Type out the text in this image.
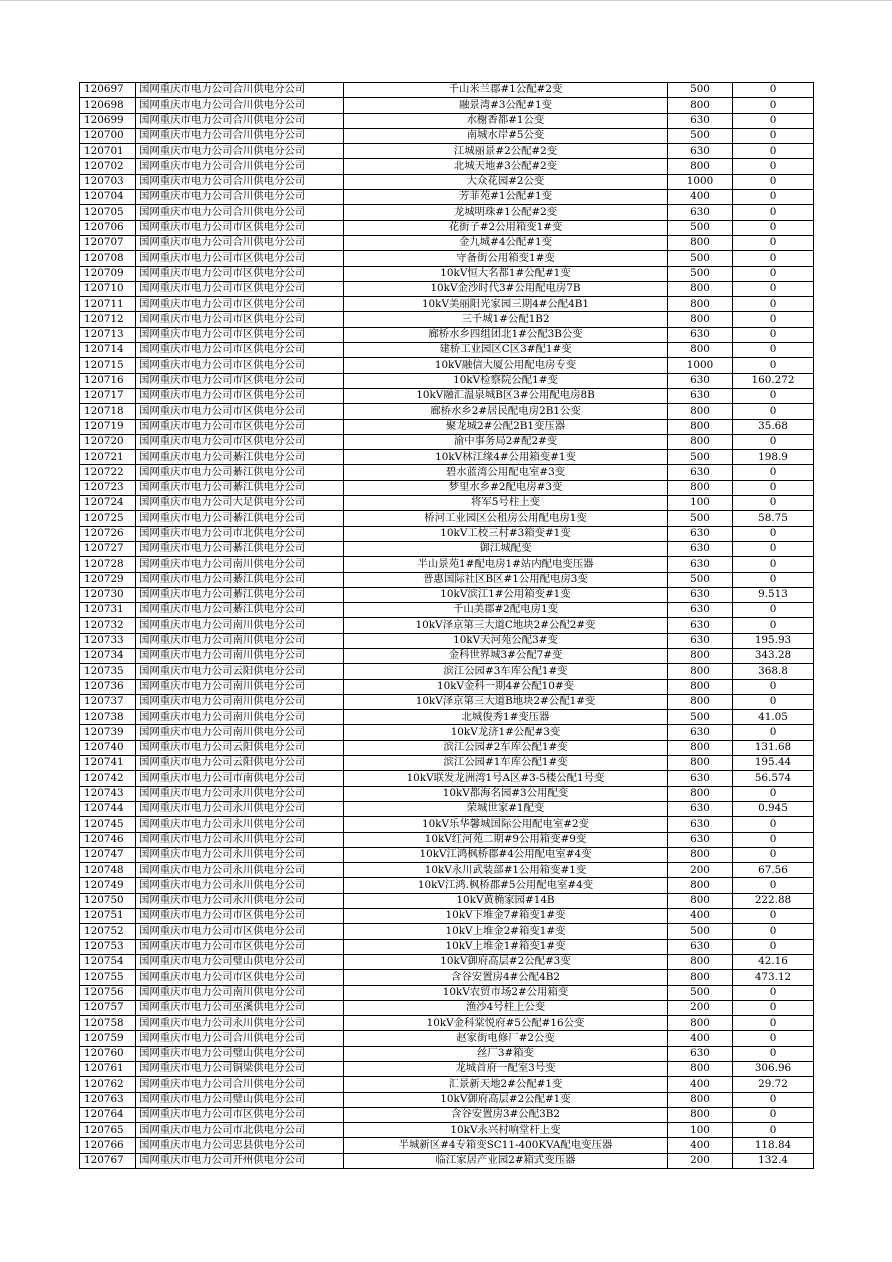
120697	国网重庆市电力公司合川供电分公司	千山米兰郡#1公配#2变	500	0
120698	国网重庆市电力公司合川供电分公司	融景湾#3公配#1变	800	0
120699	国网重庆市电力公司合川供电分公司	水榭香都#1公变	630	0
120700	国网重庆市电力公司合川供电分公司	南城水岸#5公变	500	0
120701	国网重庆市电力公司合川供电分公司	江城丽景#2公配#2变	630	0
120702	国网重庆市电力公司合川供电分公司	北城天地#3公配#2变	800	0
120703	国网重庆市电力公司合川供电分公司	大众花园#2公变	1000	0
120704	国网重庆市电力公司合川供电分公司	芳菲苑#1公配#1变	400	0
120705	国网重庆市电力公司合川供电分公司	龙城明珠#1公配#2变	630	0
120706	国网重庆市电力公司市区供电分公司	花街子#2公用箱变1#变	500	0
120707	国网重庆市电力公司合川供电分公司	金九城#4公配#1变	800	0
120708	国网重庆市电力公司市区供电分公司	守备街公用箱变1#变	500	0
120709	国网重庆市电力公司市区供电分公司	10kV恒大名都1#公配#1变	500	0
120710	国网重庆市电力公司市区供电分公司	10kV金沙时代3#公用配电房7B	800	0
120711	国网重庆市电力公司市区供电分公司	10kV美丽阳光家园三期4#公配4B1	800	0
120712	国网重庆市电力公司市区供电分公司	三千城1#公配1B2	800	0
120713	国网重庆市电力公司市区供电分公司	廊桥水乡四组团北1#公配3B公变	630	0
120714	国网重庆市电力公司市区供电分公司	建桥工业园区C区3#配1#变	800	0
120715	国网重庆市电力公司市区供电分公司	10kV融信大厦公用配电房专变	1000	0
120716	国网重庆市电力公司市区供电分公司	10kV检察院公配1#变	630	160.272
120717	国网重庆市电力公司市区供电分公司	10kV融汇温泉城B区3#公用配电房8B	630	0
120718	国网重庆市电力公司市区供电分公司	廊桥水乡2#居民配电房2B1公变	800	0
120719	国网重庆市电力公司市区供电分公司	聚龙城2#公配2B1变压器	800	35.68
120720	国网重庆市电力公司市区供电分公司	渝中事务局2#配2#变	800	0
120721	国网重庆市电力公司綦江供电分公司	10kV林江缘4#公用箱变#1变	500	198.9
120722	国网重庆市电力公司綦江供电分公司	碧水蓝湾公用配电室#3变	630	0
120723	国网重庆市电力公司綦江供电分公司	梦里水乡#2配电房#3变	800	0
120724	国网重庆市电力公司大足供电分公司	将军5号柱上变	100	0
120725	国网重庆市电力公司綦江供电分公司	桥河工业园区公租房公用配电房1变	500	58.75
120726	国网重庆市电力公司市北供电分公司	10kV工校三村#3箱变#1变	630	0
120727	国网重庆市电力公司綦江供电分公司	御江城配变	630	0
120728	国网重庆市电力公司南川供电分公司	半山景苑1#配电房1#站内配电变压器	630	0
120729	国网重庆市电力公司綦江供电分公司	普惠国际社区B区#1公用配电房3变	500	0
120730	国网重庆市电力公司綦江供电分公司	10kV滨江1#公用箱变#1变	630	9.513
120731	国网重庆市电力公司綦江供电分公司	千山美郡#2配电房1变	630	0
120732	国网重庆市电力公司南川供电分公司	10kV泽京第三大道C地块2#公配2#变	630	0
120733	国网重庆市电力公司南川供电分公司	10kV天河苑公配3#变	630	195.93
120734	国网重庆市电力公司南川供电分公司	金科世界城3#公配7#变	800	343.28
120735	国网重庆市电力公司云阳供电分公司	滨江公园#3车库公配1#变	800	368.8
120736	国网重庆市电力公司南川供电分公司	10kV金科一期4#公配10#变	800	0
120737	国网重庆市电力公司南川供电分公司	10kV泽京第三大道B地块2#公配1#变	800	0
120738	国网重庆市电力公司南川供电分公司	北城俊秀1#变压器	500	41.05
120739	国网重庆市电力公司南川供电分公司	10kV龙济1#公配#3变	630	0
120740	国网重庆市电力公司云阳供电分公司	滨江公园#2车库公配1#变	800	131.68
120741	国网重庆市电力公司云阳供电分公司	滨江公园#1车库公配1#变	800	195.44
120742	国网重庆市电力公司市南供电分公司	10kV联发龙洲湾1号A区#3-5楼公配1号变	630	56.574
120743	国网重庆市电力公司永川供电分公司	10kV都海名园#3公用配变	800	0
120744	国网重庆市电力公司永川供电分公司	荣城世家#1配变	630	0.945
120745	国网重庆市电力公司永川供电分公司	10kV乐华馨城国际公用配电室#2变	630	0
120746	国网重庆市电力公司永川供电分公司	10kV红河苑二期#9公用箱变#9变	630	0
120747	国网重庆市电力公司永川供电分公司	10kV江鸿枫桥郡#4公用配电室#4变	800	0
120748	国网重庆市电力公司永川供电分公司	10kV永川武装部#1公用箱变#1变	200	67.56
120749	国网重庆市电力公司永川供电分公司	10kV江鸿.枫桥郡#5公用配电室#4变	800	0
120750	国网重庆市电力公司永川供电分公司	10kV黄桷家园#14B	800	222.88
120751	国网重庆市电力公司市区供电分公司	10kV下堆金7#箱变1#变	400	0
120752	国网重庆市电力公司市区供电分公司	10kV上堆金2#箱变1#变	500	0
120753	国网重庆市电力公司市区供电分公司	10kV上堆金1#箱变1#变	630	0
120754	国网重庆市电力公司璧山供电分公司	10kV御府高层#2公配#3变	800	42.16
120755	国网重庆市电力公司市区供电分公司	含谷安置房4#公配4B2	800	473.12
120756	国网重庆市电力公司南川供电分公司	10kV农贸市场2#公用箱变	500	0
120757	国网重庆市电力公司巫溪供电分公司	渔沙4号柱上公变	200	0
120758	国网重庆市电力公司永川供电分公司	10kV金科棠悦府#5公配#16公变	800	0
120759	国网重庆市电力公司合川供电分公司	赵家街电修厂#2公变	400	0
120760	国网重庆市电力公司璧山供电分公司	丝厂3#箱变	630	0
120761	国网重庆市电力公司铜梁供电分公司	龙城首府一配室3号变	800	306.96
120762	国网重庆市电力公司合川供电分公司	汇景新天地2#公配#1变	400	29.72
120763	国网重庆市电力公司璧山供电分公司	10kV御府高层#2公配#1变	800	0
120764	国网重庆市电力公司市区供电分公司	含谷安置房3#公配3B2	800	0
120765	国网重庆市电力公司市北供电分公司	10kV永兴村响堂杆上变	100	0
120766	国网重庆市电力公司忠县供电分公司	半城新区#4专箱变SC11-400KVA配电变压器	400	118.84
120767	国网重庆市电力公司开州供电分公司	临江家居产业园2#箱式变压器	200	132.4
